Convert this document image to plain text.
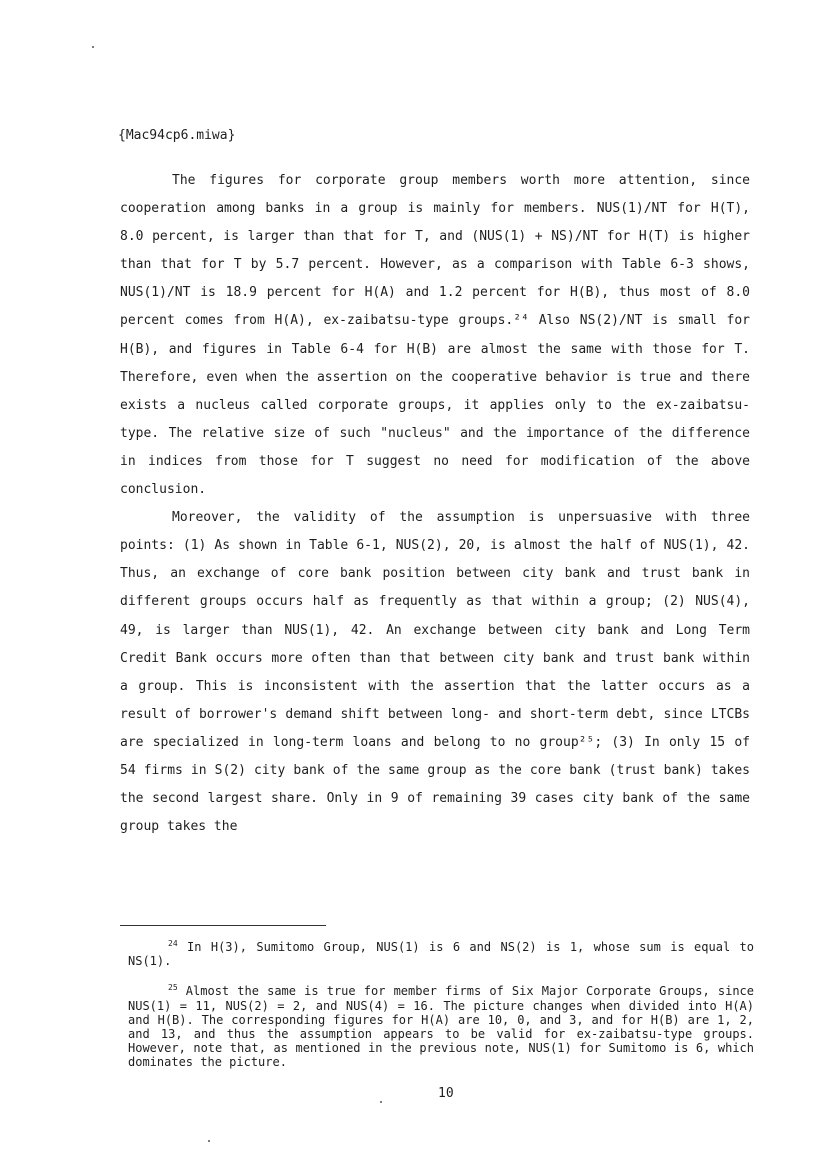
{Mac94cp6.miwa}

The figures for corporate group members worth more attention, since cooperation among banks in a group is mainly for members. NUS(1)/NT for H(T), 8.0 percent, is larger than that for T, and (NUS(1) + NS)/NT for H(T) is higher than that for T by 5.7 percent. However, as a comparison with Table 6-3 shows, NUS(1)/NT is 18.9 percent for H(A) and 1.2 percent for H(B), thus most of 8.0 percent comes from H(A), ex-zaibatsu-type groups.²⁴ Also NS(2)/NT is small for H(B), and figures in Table 6-4 for H(B) are almost the same with those for T. Therefore, even when the assertion on the cooperative behavior is true and there exists a nucleus called corporate groups, it applies only to the ex-zaibatsu-type. The relative size of such "nucleus" and the importance of the difference in indices from those for T suggest no need for modification of the above conclusion.

Moreover, the validity of the assumption is unpersuasive with three points: (1) As shown in Table 6-1, NUS(2), 20, is almost the half of NUS(1), 42. Thus, an exchange of core bank position between city bank and trust bank in different groups occurs half as frequently as that within a group; (2) NUS(4), 49, is larger than NUS(1), 42. An exchange between city bank and Long Term Credit Bank occurs more often than that between city bank and trust bank within a group. This is inconsistent with the assertion that the latter occurs as a result of borrower's demand shift between long- and short-term debt, since LTCBs are specialized in long-term loans and belong to no group²⁵; (3) In only 15 of 54 firms in S(2) city bank of the same group as the core bank (trust bank) takes the second largest share. Only in 9 of remaining 39 cases city bank of the same group takes the

$^{24}$ In H(3), Sumitomo Group, NUS(1) is 6 and NS(2) is 1, whose sum is equal to NS(1).

$^{25}$ Almost the same is true for member firms of Six Major Corporate Groups, since NUS(1) = 11, NUS(2) = 2, and NUS(4) = 16. The picture changes when divided into H(A) and H(B). The corresponding figures for H(A) are 10, 0, and 3, and for H(B) are 1, 2, and 13, and thus the assumption appears to be valid for ex-zaibatsu-type groups. However, note that, as mentioned in the previous note, NUS(1) for Sumitomo is 6, which dominates the picture.

10
